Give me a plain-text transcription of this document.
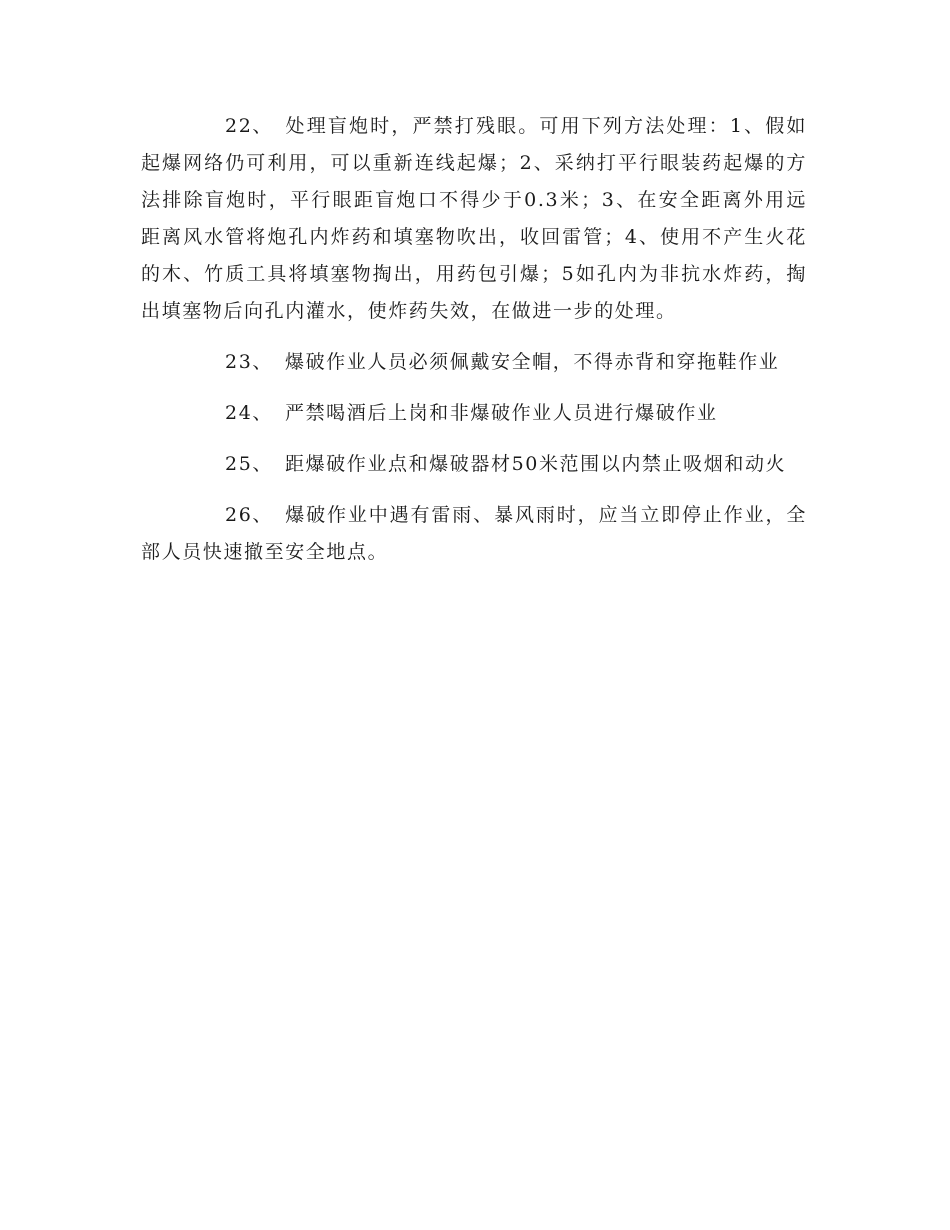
22、 处理盲炮时，严禁打残眼。可用下列方法处理：1、假如起爆网络仍可利用，可以重新连线起爆；2、采纳打平行眼装药起爆的方法排除盲炮时，平行眼距盲炮口不得少于0.3米；3、在安全距离外用远距离风水管将炮孔内炸药和填塞物吹出，收回雷管；4、使用不产生火花的木、竹质工具将填塞物掏出，用药包引爆；5如孔内为非抗水炸药，掏出填塞物后向孔内灌水，使炸药失效，在做进一步的处理。

23、 爆破作业人员必须佩戴安全帽，不得赤背和穿拖鞋作业

24、 严禁喝酒后上岗和非爆破作业人员进行爆破作业

25、 距爆破作业点和爆破器材50米范围以内禁止吸烟和动火

26、 爆破作业中遇有雷雨、暴风雨时，应当立即停止作业，全部人员快速撤至安全地点。
